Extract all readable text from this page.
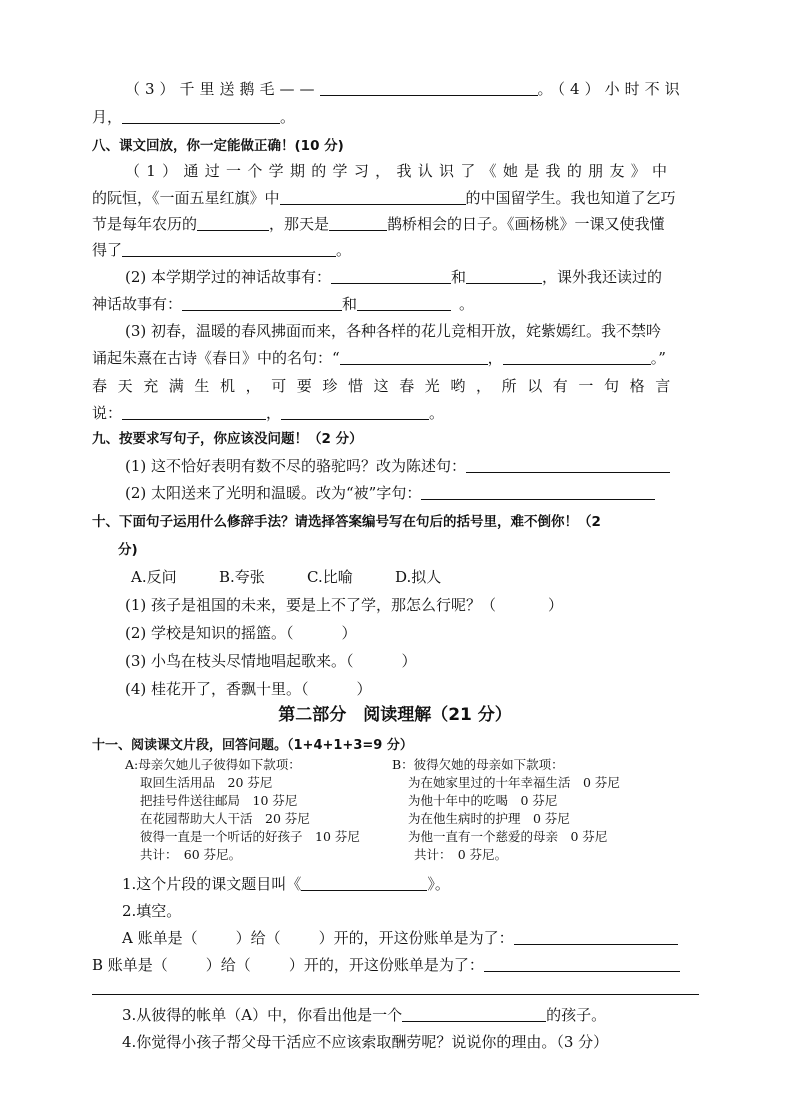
（3）千里送鹅毛——	。（4）小时不识
月，	。
八、课文回放，你一定能做正确！(10 分)
（1）通过一个学期的学习，我认识了《她是我的朋友》中
的阮恒，《一面五星红旗》中	的中国留学生。我也知道了乞巧
节是每年农历的	，那天是	鹊桥相会的日子。《画杨桃》一课又使我懂
得了	。
(2) 本学期学过的神话故事有：	和	，课外我还读过的
神话故事有：	和	。
(3) 初春，温暖的春风拂面而来，各种各样的花儿竞相开放，姹紫嫣红。我不禁吟
诵起朱熹在古诗《春日》中的名句：“	，	。”
春天充满生机，可要珍惜这春光哟，所以有一句格言
说：	，	。
九、按要求写句子，你应该没问题！（2 分）
(1) 这不恰好表明有数不尽的骆驼吗？改为陈述句：
(2) 太阳送来了光明和温暖。改为“被”字句：
十、下面句子运用什么修辞手法？请选择答案编号写在句后的括号里，难不倒你！（2
分)
A.反问	B.夸张	C.比喻	D.拟人
(1) 孩子是祖国的未来，要是上不了学，那怎么行呢？（	）
(2) 学校是知识的摇篮。（	）
(3) 小鸟在枝头尽情地唱起歌来。（	）
(4) 桂花开了，香飘十里。（	）
第二部分　阅读理解（21 分）
十一、阅读课文片段，回答问题。（1+4+1+3=9 分）
A:母亲欠她儿子彼得如下款项：
取回生活用品　20 芬尼
把挂号件送往邮局　10 芬尼
在花园帮助大人干活　20 芬尼
彼得一直是一个听话的好孩子　10 芬尼
共计：　60 芬尼。
B：彼得欠她的母亲如下款项：
为在她家里过的十年幸福生活　0 芬尼
为他十年中的吃喝　0 芬尼
为在他生病时的护理　0 芬尼
为他一直有一个慈爱的母亲　0 芬尼
共计：　0 芬尼。
1.这个片段的课文题目叫《	》。
2.填空。
A 账单是（	）给（	）开的，开这份账单是为了：
B 账单是（	）给（	）开的，开这份账单是为了：
3.从彼得的帐单（A）中，你看出他是一个	的孩子。
4.你觉得小孩子帮父母干活应不应该索取酬劳呢？说说你的理由。（3 分）
